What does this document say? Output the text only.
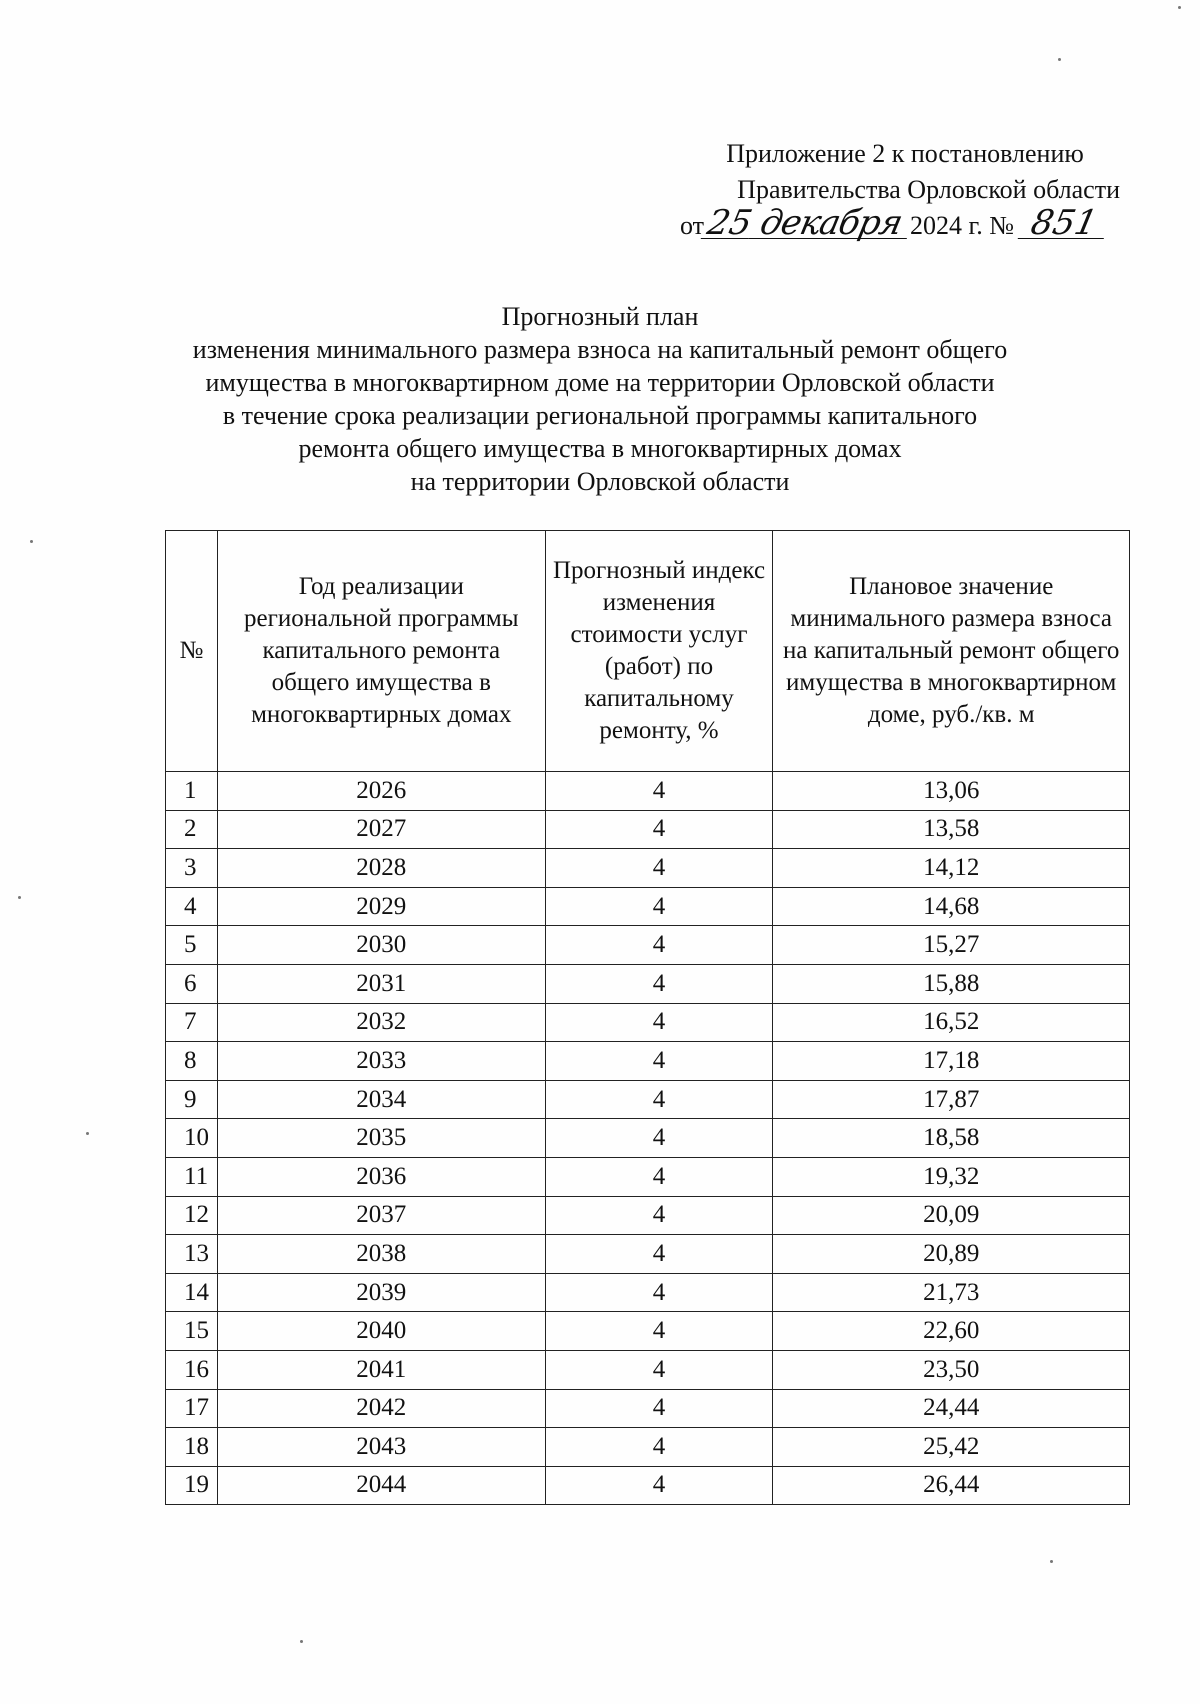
Приложение 2 к постановлению
Правительства Орловской области
от25декабря 2024 г. № 851
Прогнозный план
изменения минимального размера взноса на капитальный ремонт общего
имущества в многоквартирном доме на территории Орловской области
в течение срока реализации региональной программы капитального
ремонта общего имущества в многоквартирных домах
на территории Орловской области
№	Год реализации региональной программы капитального ремонта общего имущества в многоквартирных домах	Прогнозный индекс изменения стоимости услуг (работ) по капитальному ремонту, %	Плановое значение минимального размера взноса на капитальный ремонт общего имущества в многоквартирном доме, руб./кв. м
1	2026	4	13,06
2	2027	4	13,58
3	2028	4	14,12
4	2029	4	14,68
5	2030	4	15,27
6	2031	4	15,88
7	2032	4	16,52
8	2033	4	17,18
9	2034	4	17,87
10	2035	4	18,58
11	2036	4	19,32
12	2037	4	20,09
13	2038	4	20,89
14	2039	4	21,73
15	2040	4	22,60
16	2041	4	23,50
17	2042	4	24,44
18	2043	4	25,42
19	2044	4	26,44
